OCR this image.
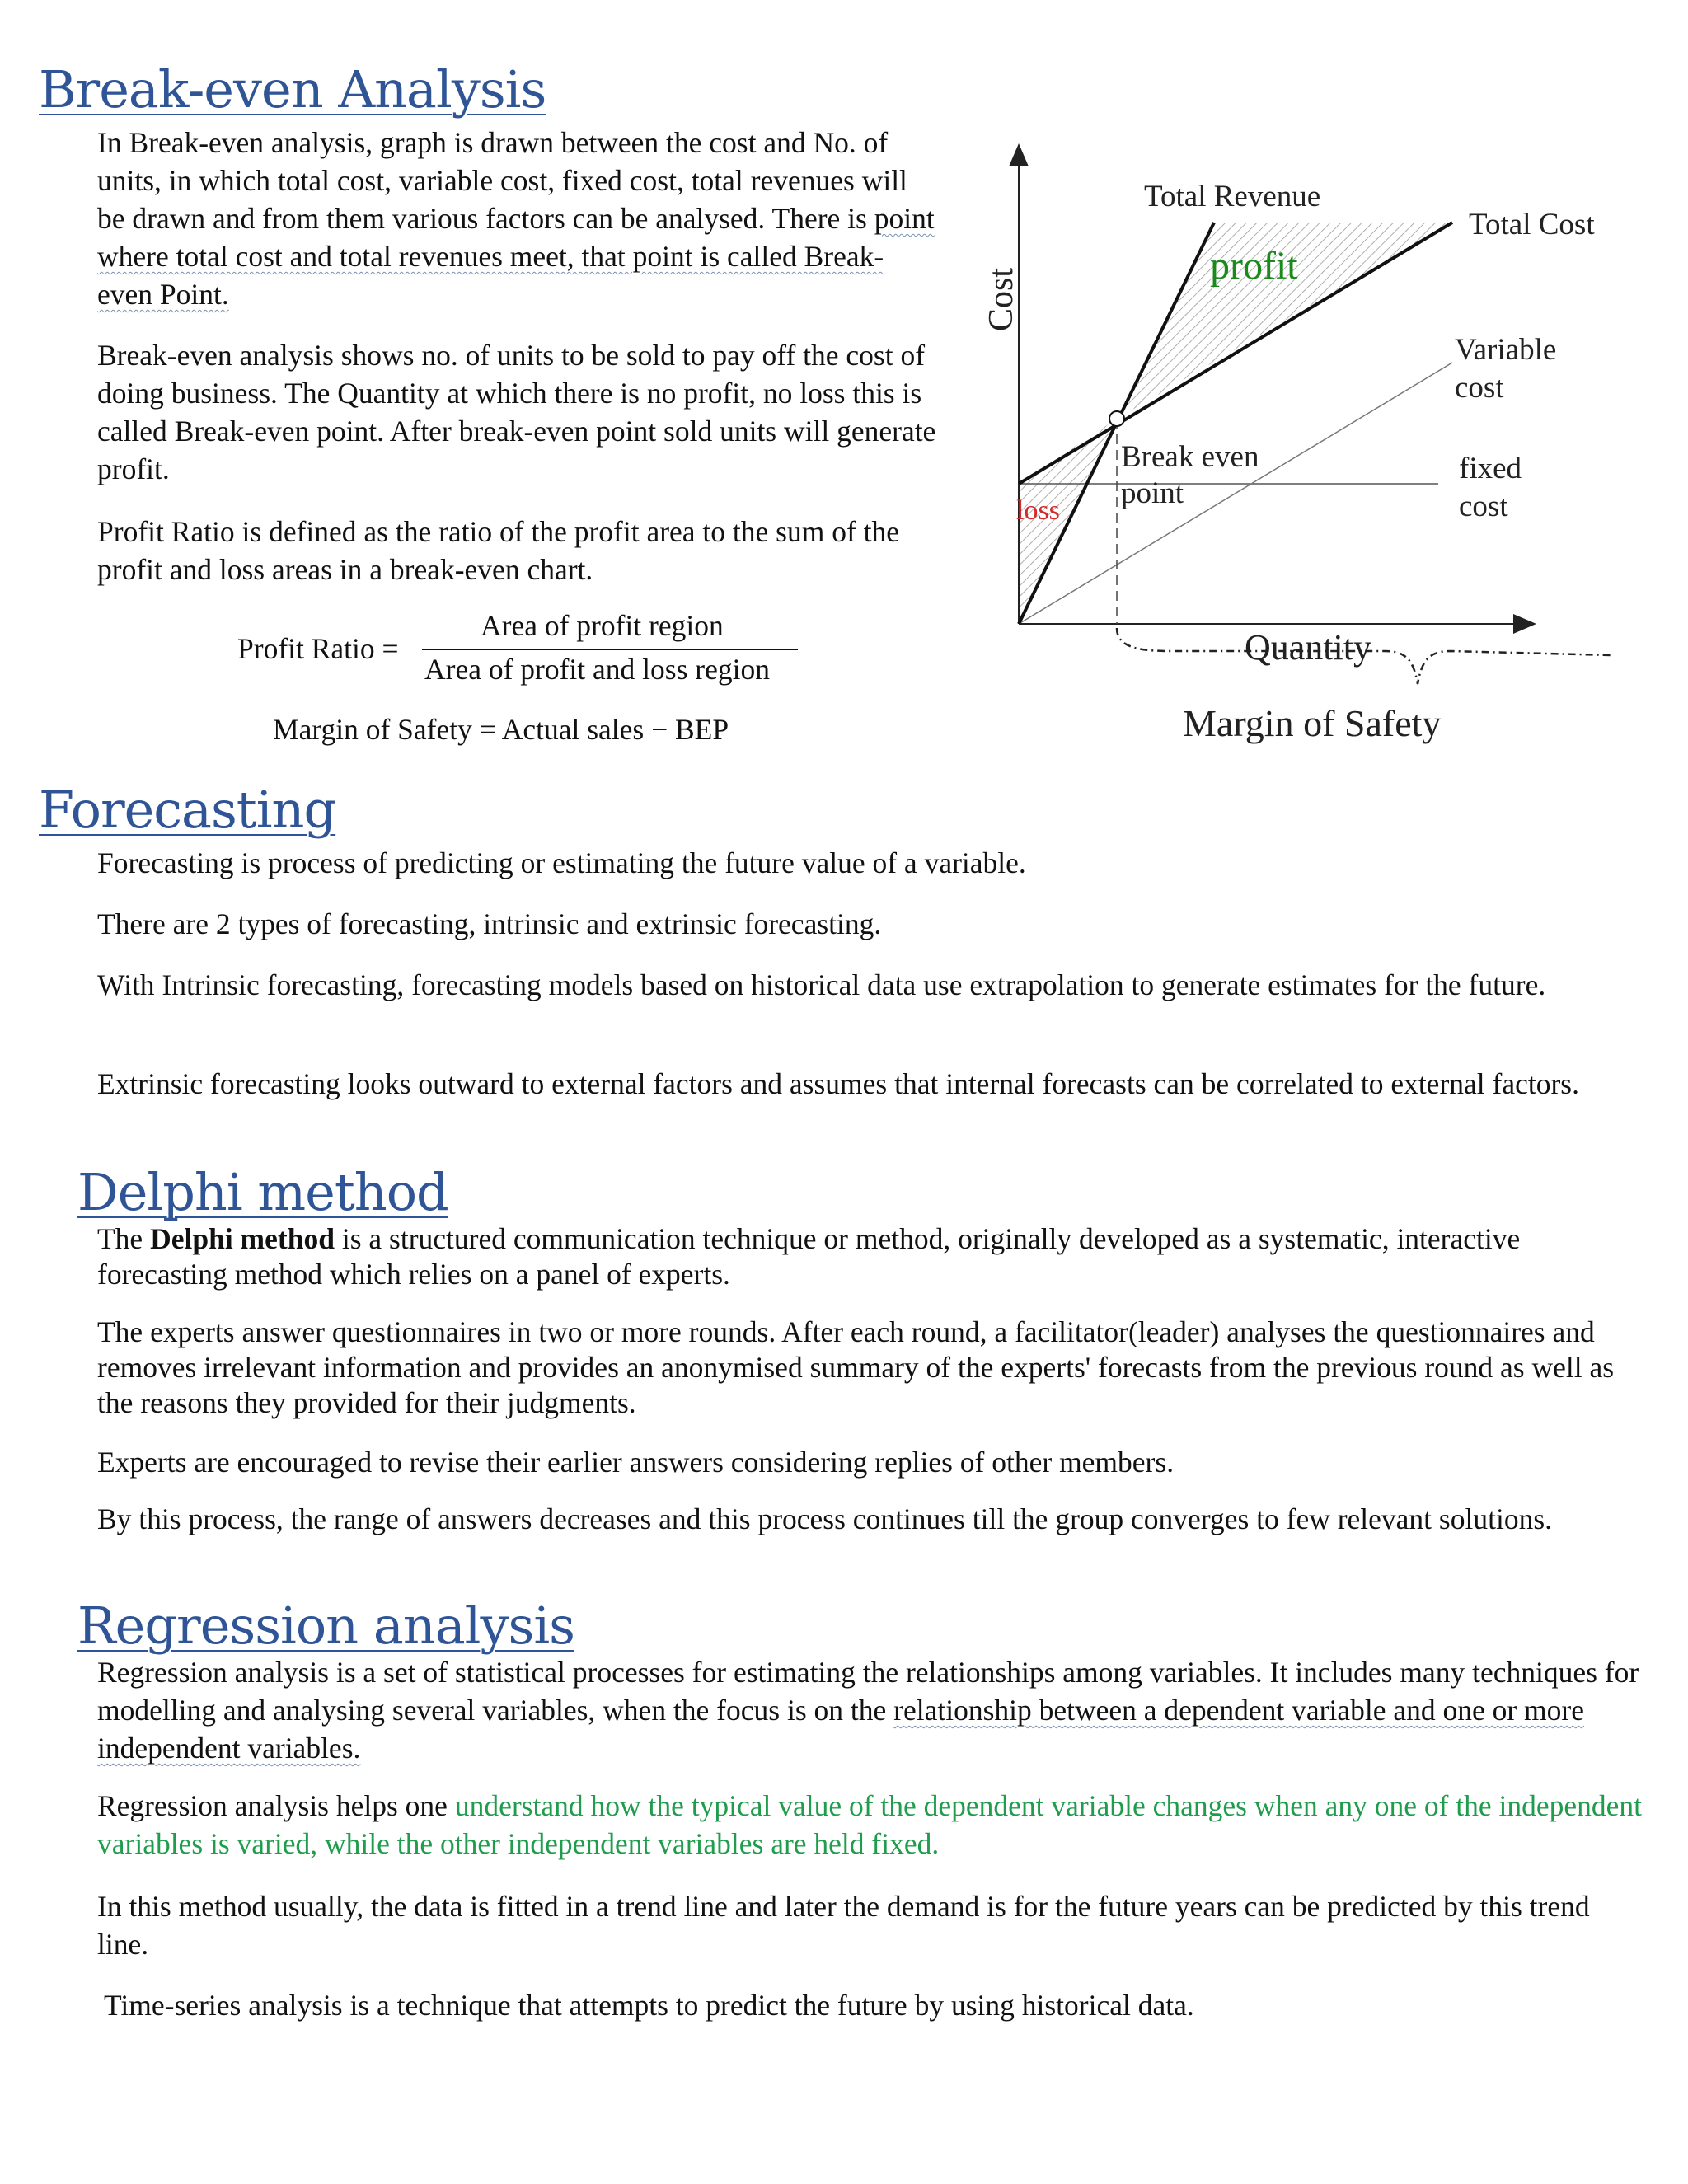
Break-even Analysis

In Break-even analysis, graph is drawn between the cost and No. of units, in which total cost, variable cost, fixed cost, total revenues will be drawn and from them various factors can be analysed. There is point where total cost and total revenues meet, that point is called Break-even Point.

Break-even analysis shows no. of units to be sold to pay off the cost of doing business. The Quantity at which there is no profit, no loss this is called Break-even point. After break-even point sold units will generate profit.

Profit Ratio is defined as the ratio of the profit area to the sum of the profit and loss areas in a break-even chart.

Profit Ratio =
Area of profit region
Area of profit and loss region
Margin of Safety = Actual sales − BEP
Cost
Quantity
Total Revenue
Total Cost
Variable
cost
fixed
cost
profit
loss
Break even
point
Margin of Safety
Forecasting

Forecasting is process of predicting or estimating the future value of a variable.

There are 2 types of forecasting, intrinsic and extrinsic forecasting.

With Intrinsic forecasting, forecasting models based on historical data use extrapolation to generate estimates for the future.

Extrinsic forecasting looks outward to external factors and assumes that internal forecasts can be correlated to external factors.

Delphi method

The Delphi method is a structured communication technique or method, originally developed as a systematic, interactive forecasting method which relies on a panel of experts.

The experts answer questionnaires in two or more rounds. After each round, a facilitator(leader) analyses the questionnaires and removes irrelevant information and provides an anonymised summary of the experts' forecasts from the previous round as well as the reasons they provided for their judgments.

Experts are encouraged to revise their earlier answers considering replies of other members.

By this process, the range of answers decreases and this process continues till the group converges to few relevant solutions.

Regression analysis

Regression analysis is a set of statistical processes for estimating the relationships among variables. It includes many techniques for modelling and analysing several variables, when the focus is on the relationship between a dependent variable and one or more independent variables.

Regression analysis helps one understand how the typical value of the dependent variable changes when any one of the independent variables is varied, while the other independent variables are held fixed.

In this method usually, the data is fitted in a trend line and later the demand is for the future years can be predicted by this trend line.

Time-series analysis is a technique that attempts to predict the future by using historical data.
